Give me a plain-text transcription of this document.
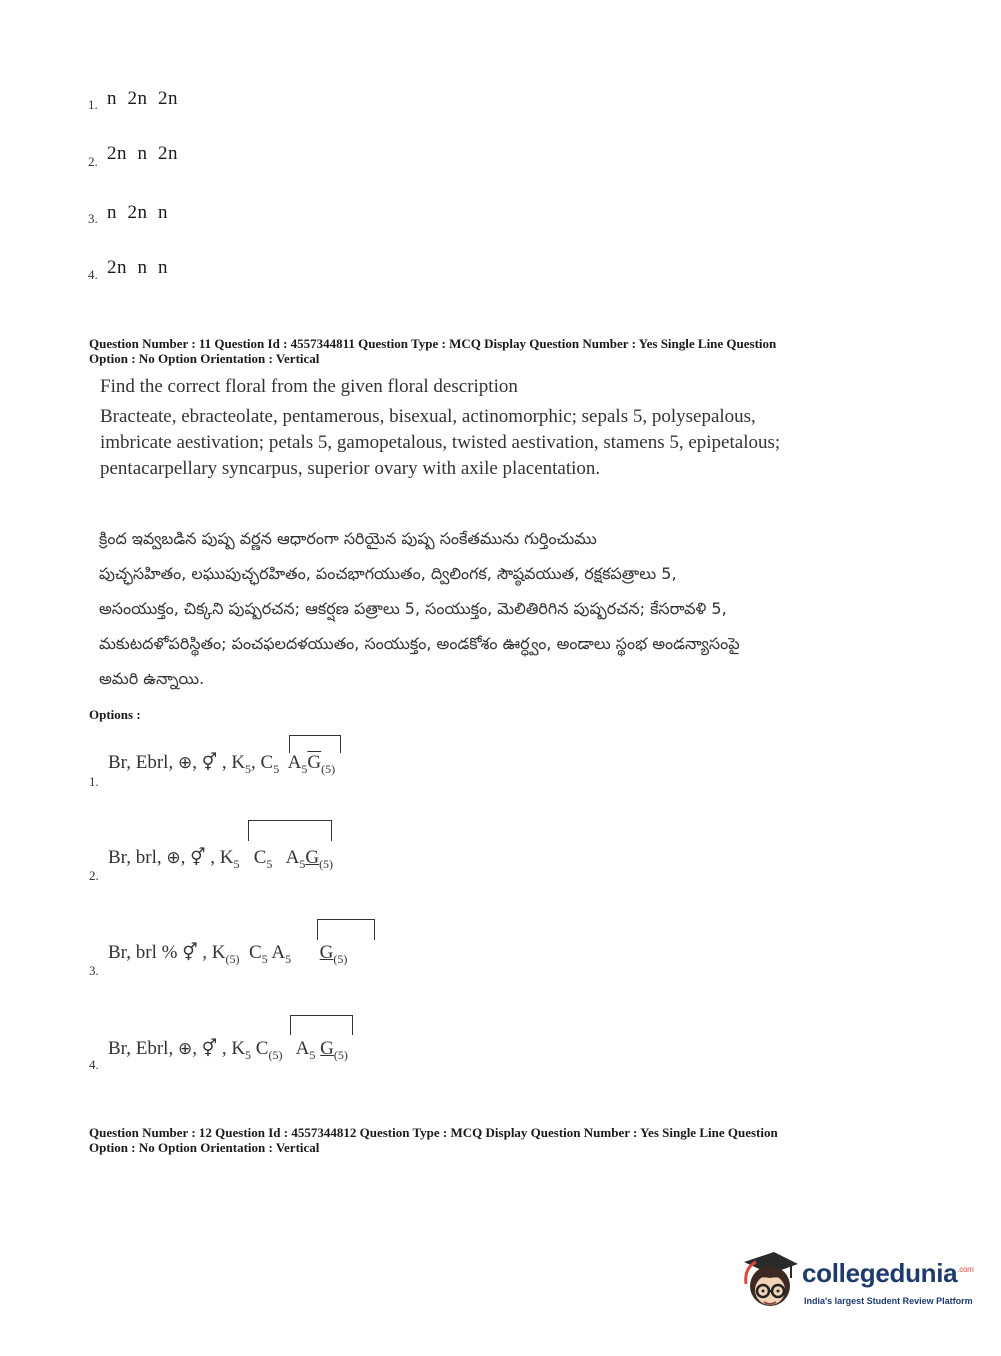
1. n  2n  2n
2. 2n  n  2n
3. n  2n  n
4. 2n  n  n
Question Number : 11 Question Id : 4557344811 Question Type : MCQ Display Question Number : Yes Single Line Question
Option : No Option Orientation : Vertical
Find the correct floral from the given floral description
Bracteate, ebracteolate, pentamerous, bisexual, actinomorphic; sepals 5, polysepalous,
imbricate aestivation; petals 5, gamopetalous, twisted aestivation, stamens 5, epipetalous;
pentacarpellary syncarpus, superior ovary with axile placentation.
క్రింద ఇవ్వబడిన పుష్ప వర్ణన ఆధారంగా సరియైన పుష్ప సంకేతమును గుర్తించుము
పుచ్ఛసహితం, లఘుపుచ్ఛరహితం, పంచభాగయుతం, ద్విలింగక, సౌష్ఠవయుత, రక్షకపత్రాలు 5,
అసంయుక్తం, చిక్కని పుష్పరచన; ఆకర్షణ పత్రాలు 5, సంయుక్తం, మెలితిరిగిన పుష్పరచన; కేసరావళి 5,
మకుటదళోపరిస్థితం; పంచఫలదళయుతం, సంయుక్తం, అండకోశం ఊర్ధ్వం, అండాలు స్థంభ అండన్యాసంపై
అమరి ఉన్నాయి.
Options :
1.
Br, Ebrl, ⊕, ⚥ , $K_5$, $C_5$  $A_5\overline{G}_{(5)}$
2.
Br, brl, ⊕, ⚥ , $K_5$   $C_5$   $A_5G_{(5)}$
3.
Br, brl % ⚥ , $K_{(5)}$  $C_5$ $A_5$ $G_{(5)}$
4.
Br, Ebrl, ⊕, ⚥ , $K_5$ $C_{(5)}$   $A_5$ $G_{(5)}$
Question Number : 12 Question Id : 4557344812 Question Type : MCQ Display Question Number : Yes Single Line Question
Option : No Option Orientation : Vertical
collegedunia$^{.com}$
India's largest Student Review Platform
